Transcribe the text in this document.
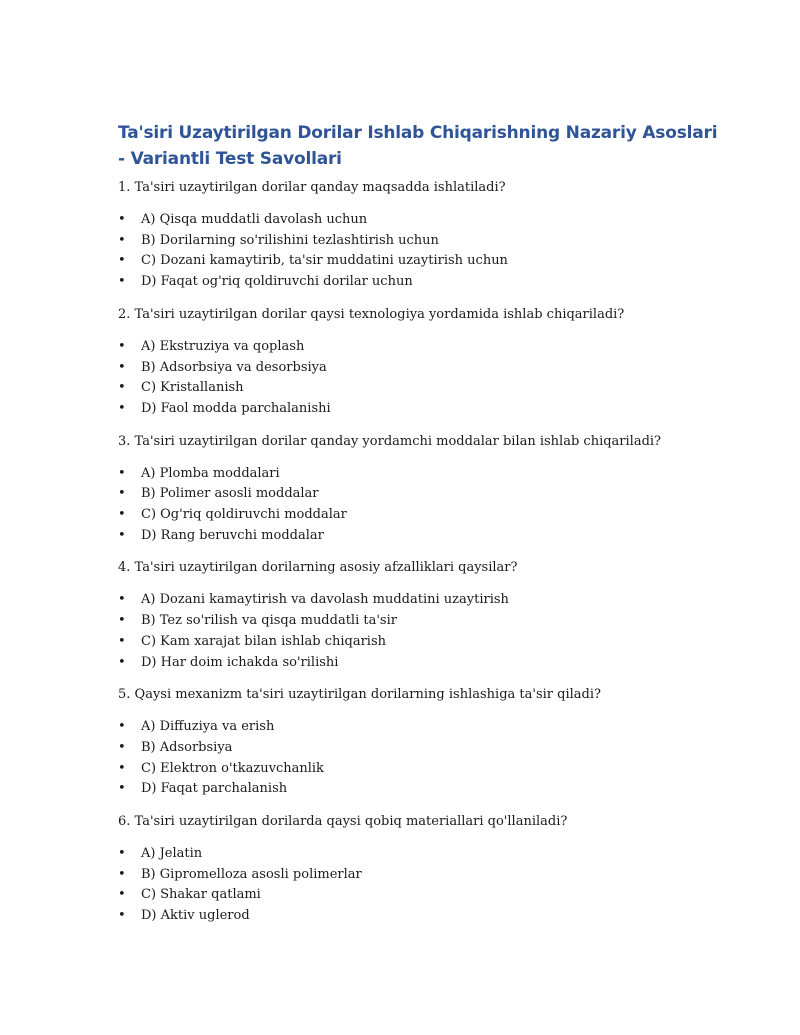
Ta'siri Uzaytirilgan Dorilar Ishlab Chiqarishning Nazariy Asoslari - Variantli Test Savollari

1. Ta'siri uzaytirilgan dorilar qanday maqsadda ishlatiladi?

• A) Qisqa muddatli davolash uchun
• B) Dorilarning so'rilishini tezlashtirish uchun
• C) Dozani kamaytirib, ta'sir muddatini uzaytirish uchun
• D) Faqat og'riq qoldiruvchi dorilar uchun

2. Ta'siri uzaytirilgan dorilar qaysi texnologiya yordamida ishlab chiqariladi?

• A) Ekstruziya va qoplash
• B) Adsorbsiya va desorbsiya
• C) Kristallanish
• D) Faol modda parchalanishi

3. Ta'siri uzaytirilgan dorilar qanday yordamchi moddalar bilan ishlab chiqariladi?

• A) Plomba moddalari
• B) Polimer asosli moddalar
• C) Og'riq qoldiruvchi moddalar
• D) Rang beruvchi moddalar

4. Ta'siri uzaytirilgan dorilarning asosiy afzalliklari qaysilar?

• A) Dozani kamaytirish va davolash muddatini uzaytirish
• B) Tez so'rilish va qisqa muddatli ta'sir
• C) Kam xarajat bilan ishlab chiqarish
• D) Har doim ichakda so'rilishi

5. Qaysi mexanizm ta'siri uzaytirilgan dorilarning ishlashiga ta'sir qiladi?

• A) Diffuziya va erish
• B) Adsorbsiya
• C) Elektron o'tkazuvchanlik
• D) Faqat parchalanish

6. Ta'siri uzaytirilgan dorilarda qaysi qobiq materiallari qo'llaniladi?

• A) Jelatin
• B) Gipromelloza asosli polimerlar
• C) Shakar qatlami
• D) Aktiv uglerod
